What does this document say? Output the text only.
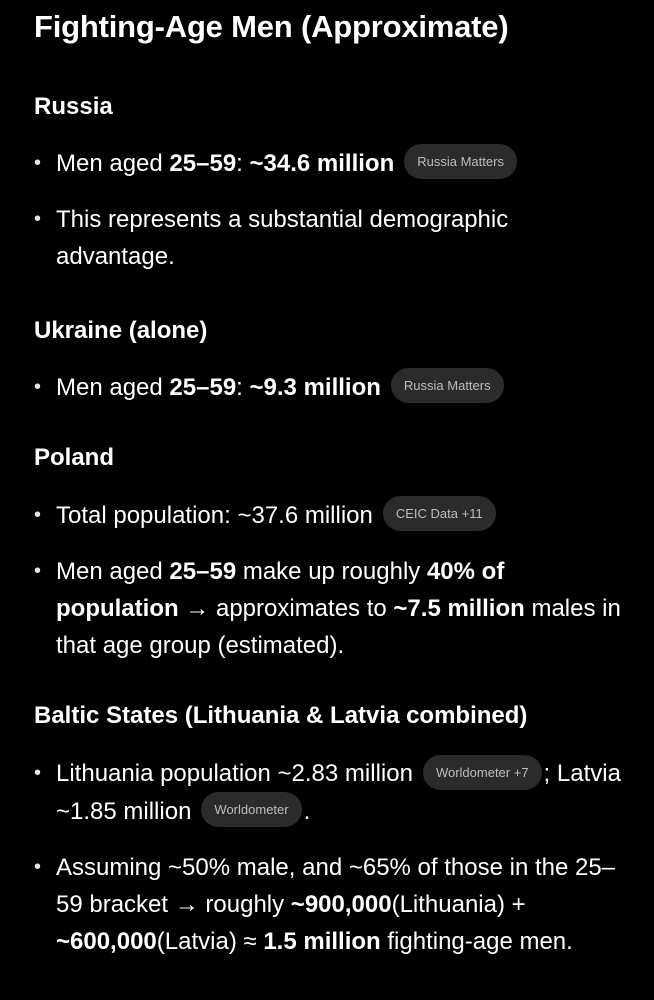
Fighting-Age Men (Approximate)
Russia
• Men aged 25–59: ~34.6 million Russia Matters
• This represents a substantial demographic advantage.
Ukraine (alone)
• Men aged 25–59: ~9.3 million Russia Matters
Poland
• Total population: ~37.6 million CEIC Data +11
• Men aged 25–59 make up roughly 40% of population → approximates to ~7.5 million males in that age group (estimated).
Baltic States (Lithuania & Latvia combined)
• Lithuania population ~2.83 million Worldometer +7 ; Latvia ~1.85 million Worldometer .
• Assuming ~50% male, and ~65% of those in the 25–59 bracket → roughly ~900,000(Lithuania) + ~600,000(Latvia) ≈ 1.5 million fighting-age men.
